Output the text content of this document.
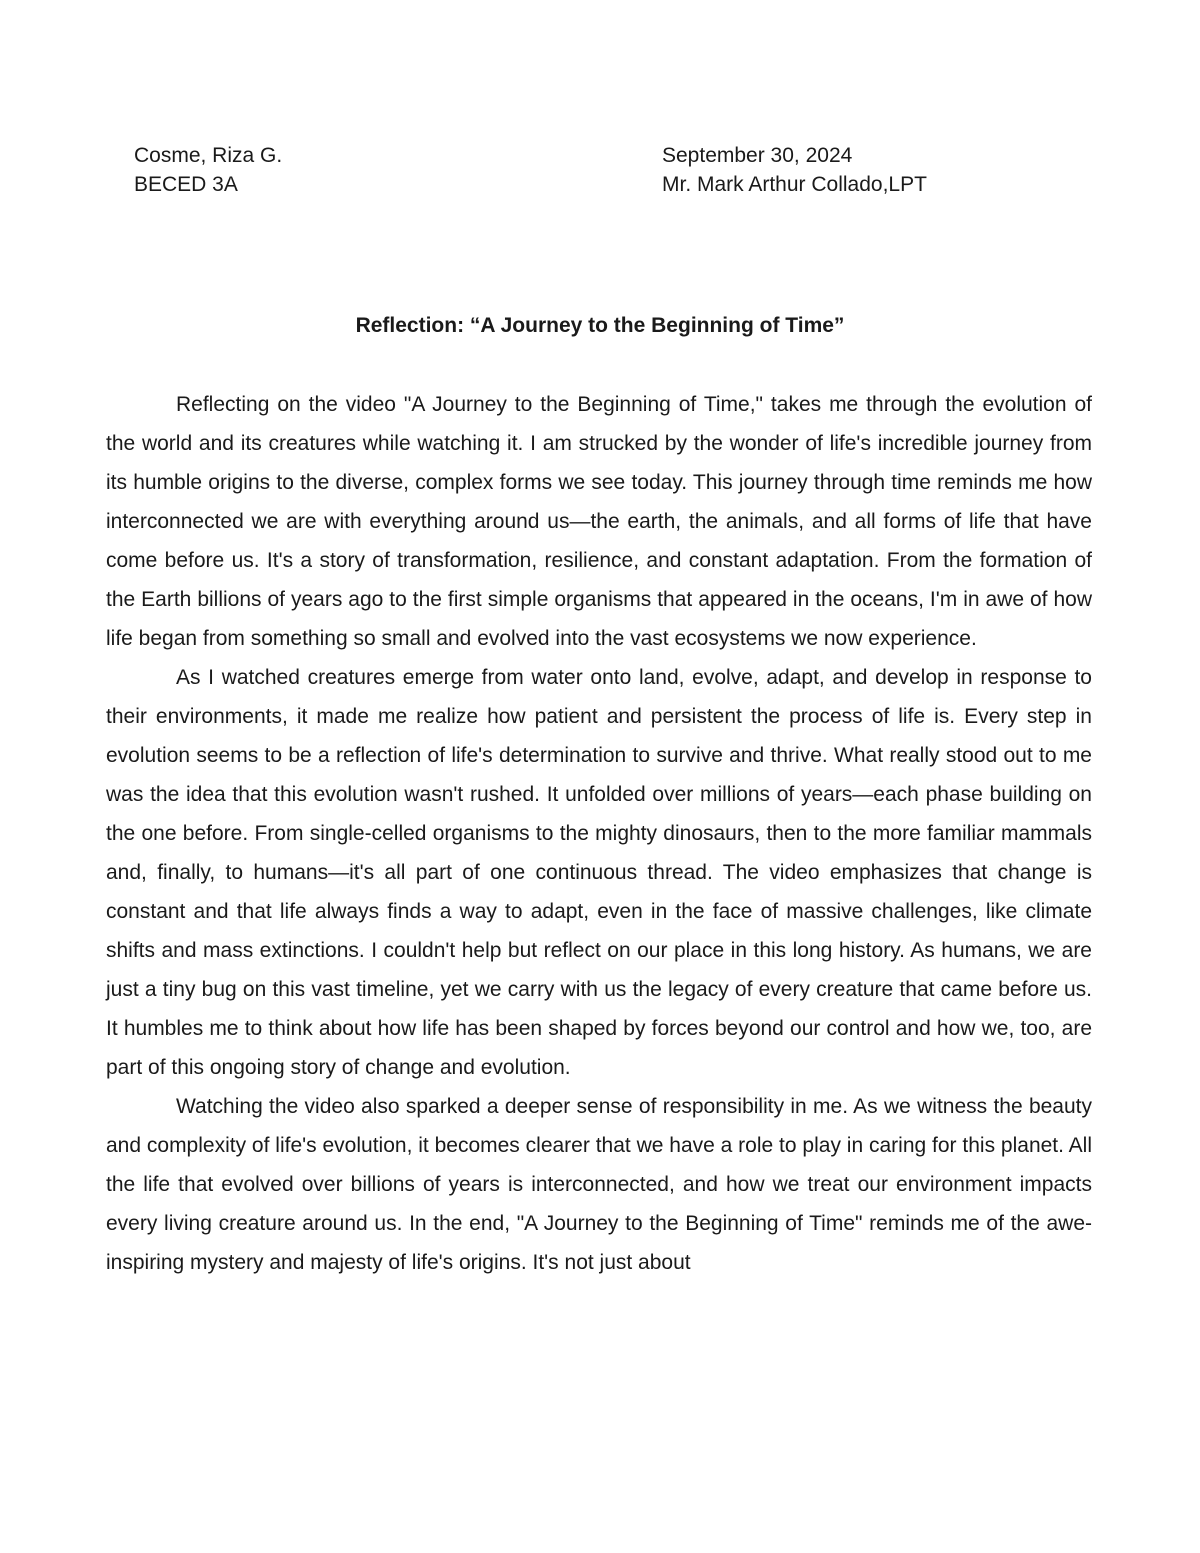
Cosme, Riza G.
BECED 3A
September 30, 2024
Mr. Mark Arthur Collado,LPT
Reflection: “A Journey to the Beginning of Time”

Reflecting on the video "A Journey to the Beginning of Time," takes me through the evolution of the world and its creatures while watching it. I am strucked by the wonder of life's incredible journey from its humble origins to the diverse, complex forms we see today. This journey through time reminds me how interconnected we are with everything around us—the earth, the animals, and all forms of life that have come before us. It's a story of transformation, resilience, and constant adaptation. From the formation of the Earth billions of years ago to the first simple organisms that appeared in the oceans, I'm in awe of how life began from something so small and evolved into the vast ecosystems we now experience.

As I watched creatures emerge from water onto land, evolve, adapt, and develop in response to their environments, it made me realize how patient and persistent the process of life is. Every step in evolution seems to be a reflection of life's determination to survive and thrive. What really stood out to me was the idea that this evolution wasn't rushed. It unfolded over millions of years—each phase building on the one before. From single-celled organisms to the mighty dinosaurs, then to the more familiar mammals and, finally, to humans—it's all part of one continuous thread. The video emphasizes that change is constant and that life always finds a way to adapt, even in the face of massive challenges, like climate shifts and mass extinctions. I couldn't help but reflect on our place in this long history. As humans, we are just a tiny bug on this vast timeline, yet we carry with us the legacy of every creature that came before us. It humbles me to think about how life has been shaped by forces beyond our control and how we, too, are part of this ongoing story of change and evolution.

Watching the video also sparked a deeper sense of responsibility in me. As we witness the beauty and complexity of life's evolution, it becomes clearer that we have a role to play in caring for this planet. All the life that evolved over billions of years is interconnected, and how we treat our environment impacts every living creature around us. In the end, "A Journey to the Beginning of Time" reminds me of the awe-inspiring mystery and majesty of life's origins. It's not just about
